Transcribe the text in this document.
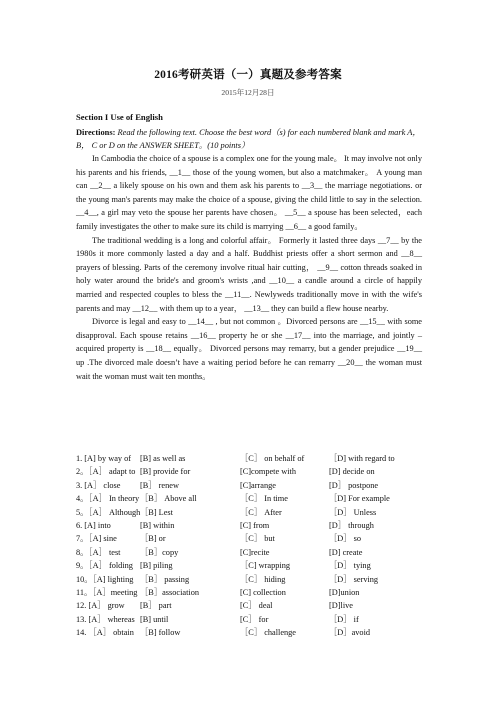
2016考研英语（一）真题及参考答案
2015年12月28日
Section I Use of English
Directions: Read the following text. Choose the best word（s) for each numbered blank and mark A， B， C or D on the ANSWER SHEET。(10 points）

In Cambodia the choice of a spouse is a complex one for the young male。 It may involve not only his parents and his friends, __1__ those of the young women, but also a matchmaker。 A young man can __2__ a likely spouse on his own and them ask his parents to __3__ the marriage negotiations. or the young man's parents may make the choice of a spouse, giving the child little to say in the selection. __4__, a girl may veto the spouse her parents have chosen。 __5__ a spouse has been selected，each family investigates the other to make sure its child is marrying __6__ a good family。

The traditional wedding is a long and colorful affair。 Formerly it lasted three days __7__ by the 1980s it more commonly lasted a day and a half. Buddhist priests offer a short sermon and __8__ prayers of blessing. Parts of the ceremony involve ritual hair cutting， __9__ cotton threads soaked in holy water around the bride's and groom's wrists ,and __10__ a candle around a circle of happily married and respected couples to bless the __11__. Newlyweds traditionally move in with the wife's parents and may __12__ with them up to a year， __13__ they can build a flew house nearby.

Divorce is legal and easy to __14__ , but not common 。Divorced persons are __15__ with some disapproval. Each spouse retains __16__ property he or she __17__ into the marriage, and jointly –acquired property is __18__ equally。 Divorced persons may remarry, but a gender prejudice __19__ up .The divorced male doesn’t have a waiting period before he can remarry __20__ the woman must wait the woman must wait ten months。

1. [A] by way of [B] as well as	［C］ on behalf of	［D] with regard to
2。［A］ adapt to [B] provide for	[C]compete with	[D] decide on
3. [A］ close [B］ renew	[C]arrange	[D］ postpone
4。［A］ In theory ［B］ Above all	［C］ In time	［D] For example
5。［A］ Although ［B] Lest	［C］ After	［D］ Unless
6. [A] into	[B] within	[C] from	[D］ through
7。［A] sine	［B] or	［C］ but	［D］ so
8。［A］ test ［B］copy	[C]recite	[D] create
9。［A］ folding [B] piling	［C] wrapping	［D］ tying
10。［A] lighting ［B］ passing	［C］ hiding	［D］ serving
11。［A］meeting ［B］association	[C] collection	[D]union
12. [A］ grow [B］ part	[C］ deal	[D]live
13. [A］ whereas [B] until	[C］ for	［D］ if
14. ［A］ obtain ［B] follow	［C］ challenge	［D］avoid
